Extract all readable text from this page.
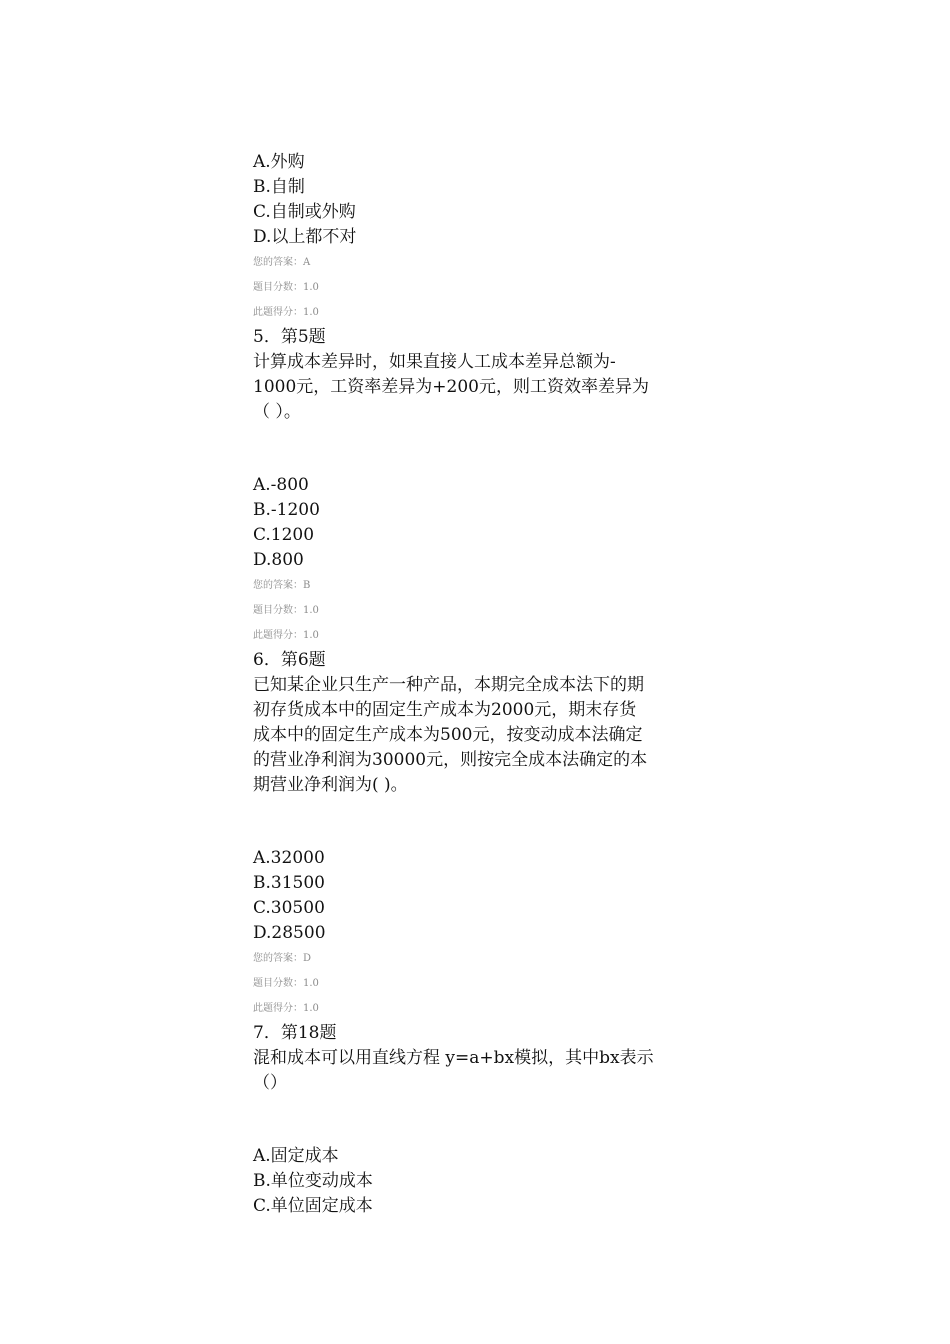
A.外购
B.自制
C.自制或外购
D.以上都不对
您的答案：A
题目分数：1.0
此题得分：1.0
5．第5题
计算成本差异时，如果直接人工成本差异总额为-
1000元，工资率差异为+200元，则工资效率差异为
（ ）。
A.-800
B.-1200
C.1200
D.800
您的答案：B
题目分数：1.0
此题得分：1.0
6．第6题
已知某企业只生产一种产品，本期完全成本法下的期
初存货成本中的固定生产成本为2000元，期末存货
成本中的固定生产成本为500元，按变动成本法确定
的营业净利润为30000元，则按完全成本法确定的本
期营业净利润为( )。
A.32000
B.31500
C.30500
D.28500
您的答案：D
题目分数：1.0
此题得分：1.0
7．第18题
混和成本可以用直线方程 y=a+bx模拟，其中bx表示
（）
A.固定成本
B.单位变动成本
C.单位固定成本
